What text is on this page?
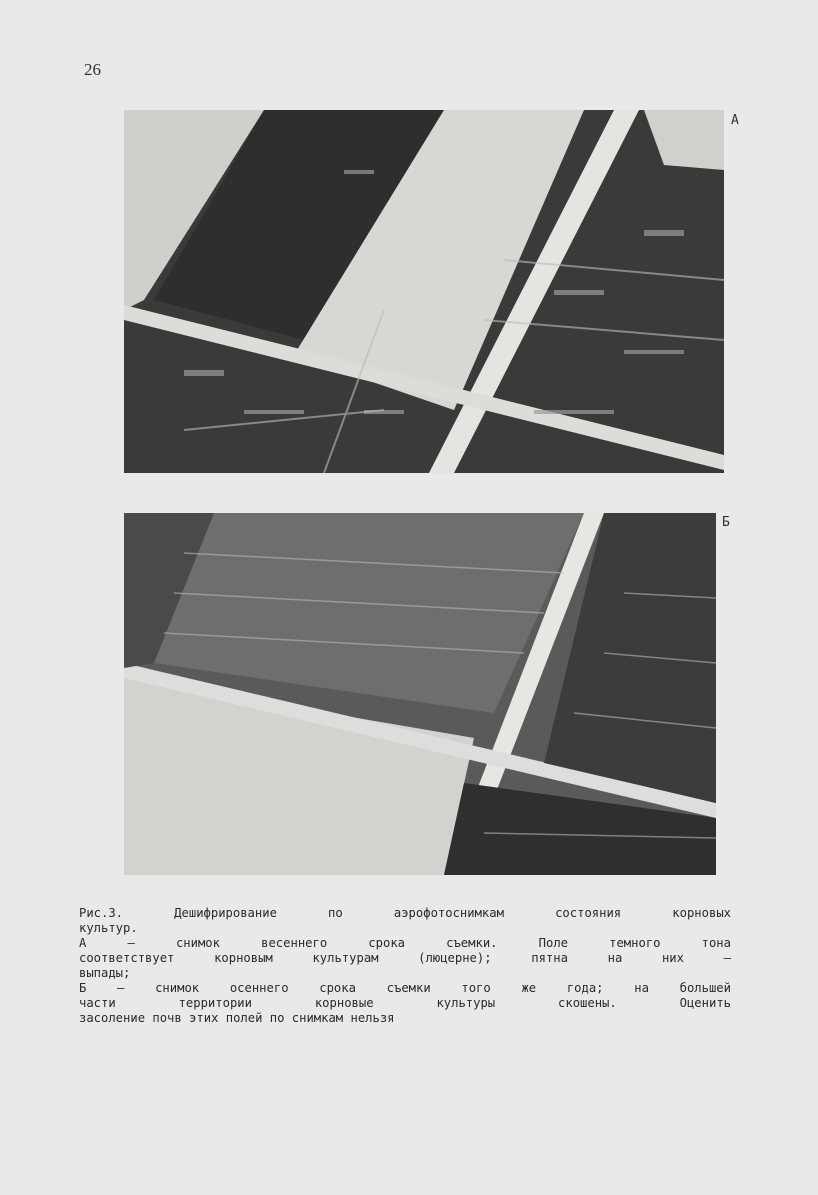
26
А
Б

Рис.3. Дешифрирование по аэрофотоснимкам состояния корновых

культур.

А – снимок весеннего срока съемки. Поле темного тона

соответствует корновым культурам (люцерне); пятна на них –

выпады;

Б – снимок осеннего срока съемки того же года; на большей

части территории корновые культуры скошены. Оценить

засоление почв этих полей по снимкам нельзя
